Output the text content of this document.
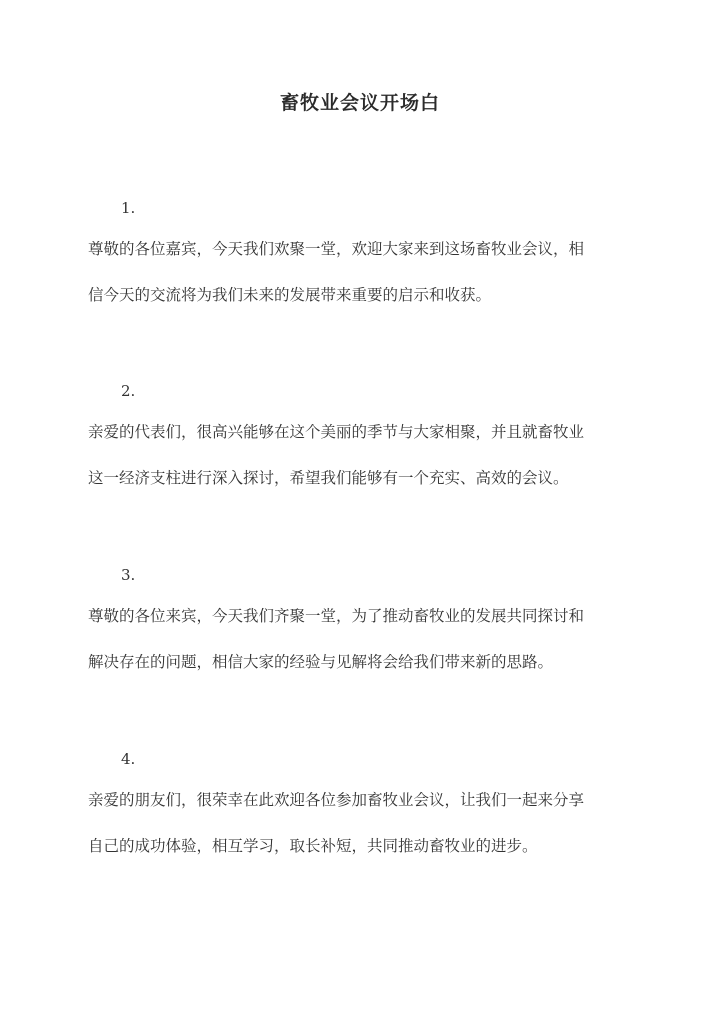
畜牧业会议开场白
1.
尊敬的各位嘉宾，今天我们欢聚一堂，欢迎大家来到这场畜牧业会议，相
信今天的交流将为我们未来的发展带来重要的启示和收获。
2.
亲爱的代表们，很高兴能够在这个美丽的季节与大家相聚，并且就畜牧业
这一经济支柱进行深入探讨，希望我们能够有一个充实、高效的会议。
3.
尊敬的各位来宾，今天我们齐聚一堂，为了推动畜牧业的发展共同探讨和
解决存在的问题，相信大家的经验与见解将会给我们带来新的思路。
4.
亲爱的朋友们，很荣幸在此欢迎各位参加畜牧业会议，让我们一起来分享
自己的成功体验，相互学习，取长补短，共同推动畜牧业的进步。
